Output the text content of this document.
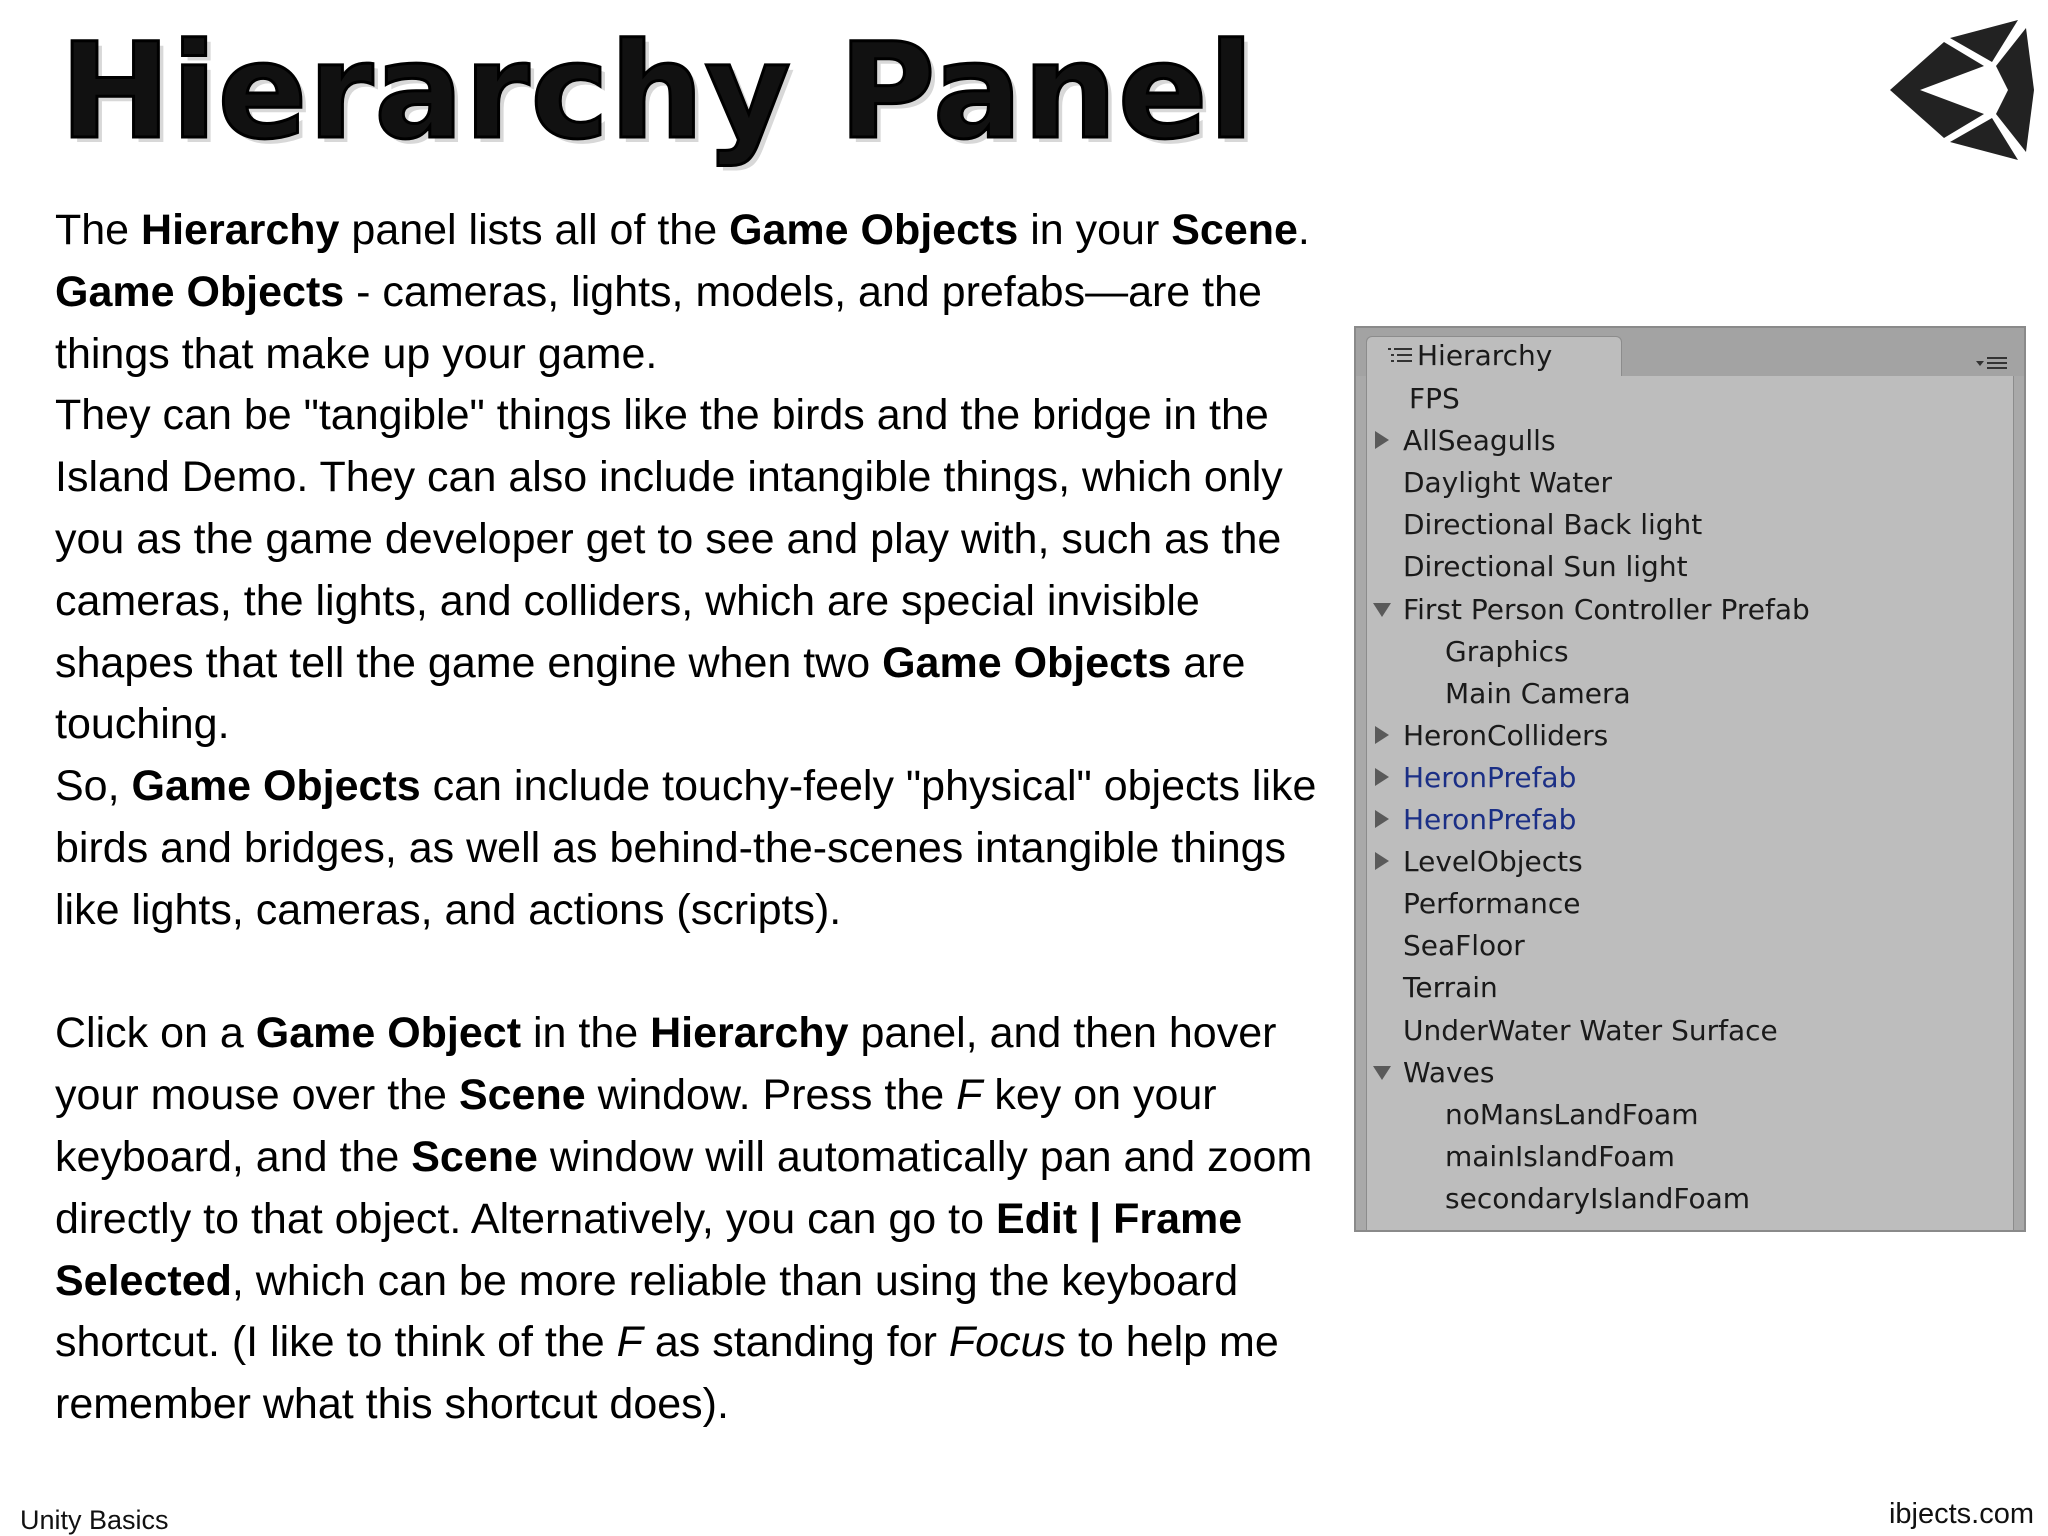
Hierarchy Panel

The Hierarchy panel lists all of the Game Objects in your Scene. Game Objects - cameras, lights, models, and prefabs—are the things that make up your game.

They can be "tangible" things like the birds and the bridge in the Island Demo. They can also include intangible things, which only you as the game developer get to see and play with, such as the cameras, the lights, and colliders, which are special invisible shapes that tell the game engine when two Game Objects are touching.

So, Game Objects can include touchy-feely "physical" objects like birds and bridges, as well as behind-the-scenes intangible things like lights, cameras, and actions (scripts).

Click on a Game Object in the Hierarchy panel, and then hover your mouse over the Scene window. Press the F key on your keyboard, and the Scene window will automatically pan and zoom directly to that object. Alternatively, you can go to Edit | Frame Selected, which can be more reliable than using the keyboard shortcut. (I like to think of the F as standing for Focus to help me remember what this shortcut does).

Hierarchy
FPS
AllSeagulls
Daylight Water
Directional Back light
Directional Sun light
First Person Controller Prefab
Graphics
Main Camera
HeronColliders
HeronPrefab
HeronPrefab
LevelObjects
Performance
SeaFloor
Terrain
UnderWater Water Surface
Waves
noMansLandFoam
mainIslandFoam
secondaryIslandFoam
Unity Basics	ibjects.com
